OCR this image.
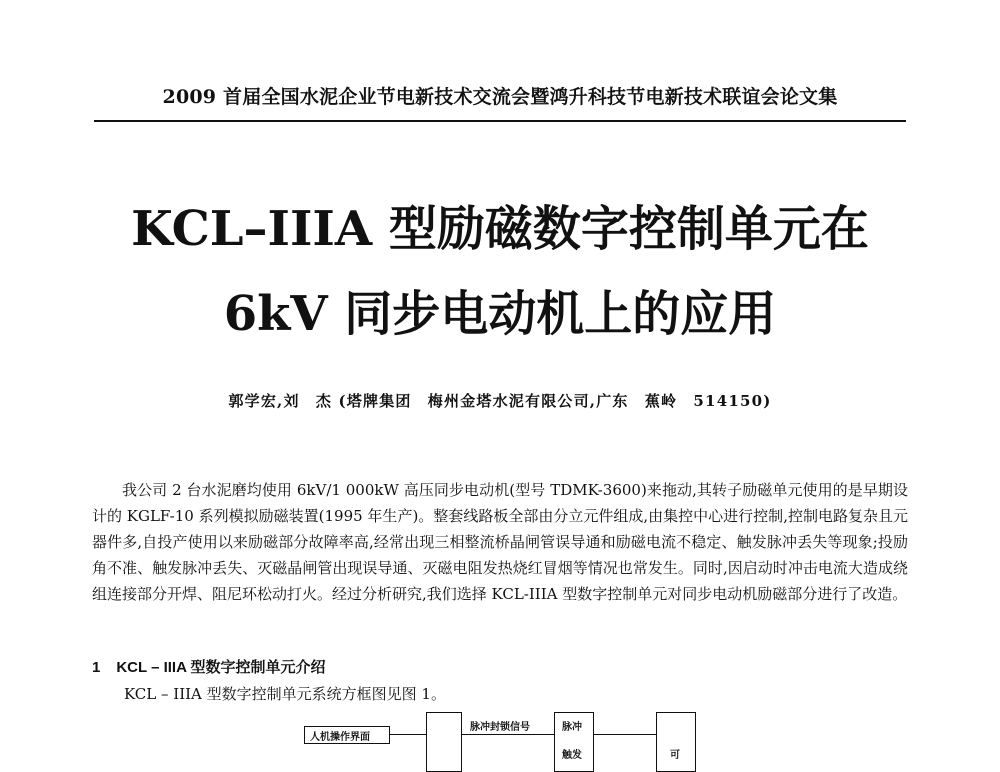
2009 首届全国水泥企业节电新技术交流会暨鸿升科技节电新技术联谊会论文集
KCL–IIIA 型励磁数字控制单元在
6kV 同步电动机上的应用
郭学宏,刘　杰 (塔牌集团　梅州金塔水泥有限公司,广东　蕉岭　514150)

我公司 2 台水泥磨均使用 6kV/1 000kW 高压同步电动机(型号 TDMK-3600)来拖动,其转子励磁单元使用的是早期设计的 KGLF-10 系列模拟励磁装置(1995 年生产)。整套线路板全部由分立元件组成,由集控中心进行控制,控制电路复杂且元器件多,自投产使用以来励磁部分故障率高,经常出现三相整流桥晶闸管误导通和励磁电流不稳定、触发脉冲丢失等现象;投励角不准、触发脉冲丢失、灭磁晶闸管出现误导通、灭磁电阻发热烧红冒烟等情况也常发生。同时,因启动时冲击电流大造成绕组连接部分开焊、阻尼环松动打火。经过分析研究,我们选择 KCL-IIIA 型数字控制单元对同步电动机励磁部分进行了改造。

1 KCL – IIIA 型数字控制单元介绍
KCL – IIIA 型数字控制单元系统方框图见图 1。
人机操作界面
脉冲封锁信号	脉冲
触发	可
